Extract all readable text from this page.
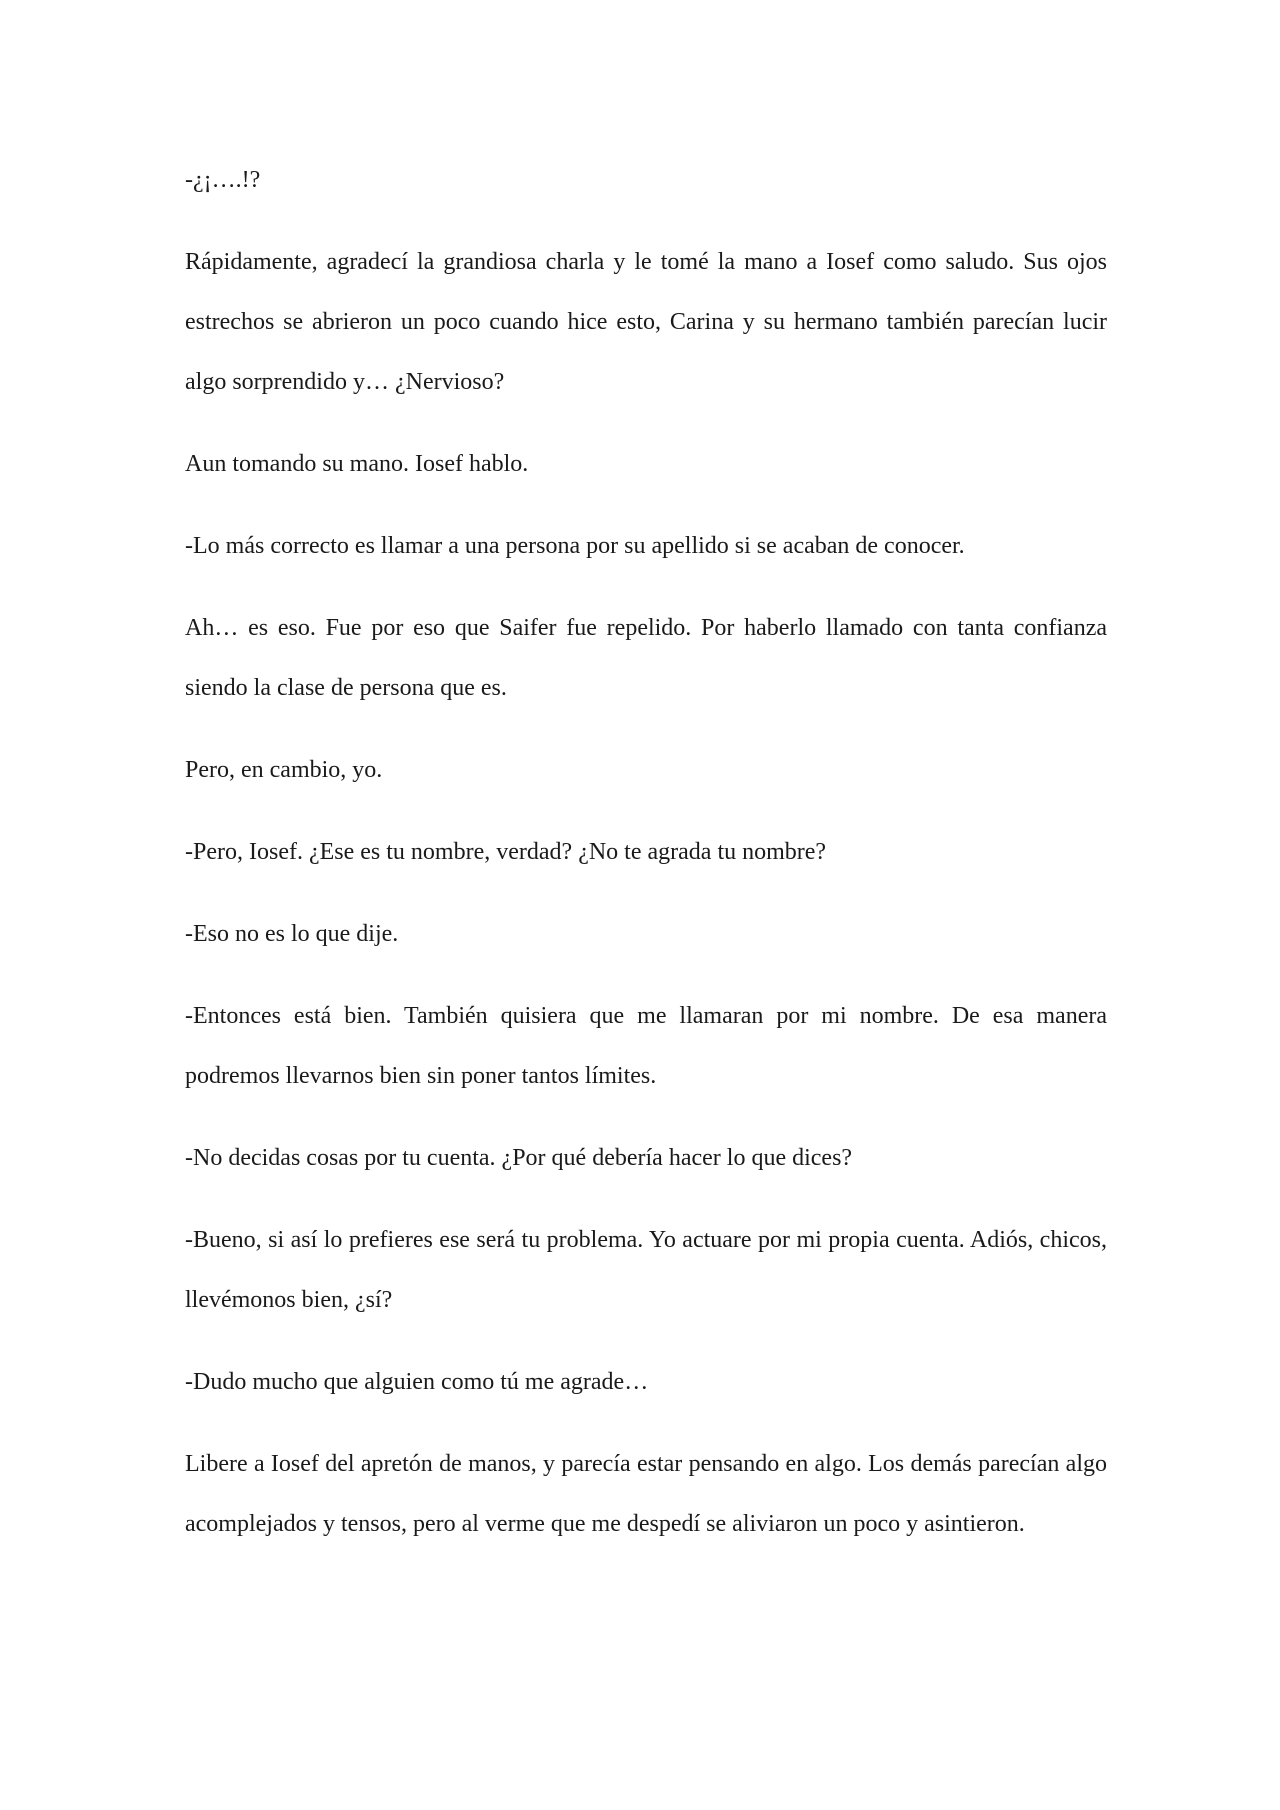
-¿¡….!?

Rápidamente, agradecí la grandiosa charla y le tomé la mano a Iosef como saludo. Sus ojos estrechos se abrieron un poco cuando hice esto, Carina y su hermano también parecían lucir algo sorprendido y… ¿Nervioso?

Aun tomando su mano. Iosef hablo.

-Lo más correcto es llamar a una persona por su apellido si se acaban de conocer.

Ah… es eso. Fue por eso que Saifer fue repelido. Por haberlo llamado con tanta confianza siendo la clase de persona que es.

Pero, en cambio, yo.

-Pero, Iosef. ¿Ese es tu nombre, verdad? ¿No te agrada tu nombre?

-Eso no es lo que dije.

-Entonces está bien. También quisiera que me llamaran por mi nombre. De esa manera podremos llevarnos bien sin poner tantos límites.

-No decidas cosas por tu cuenta. ¿Por qué debería hacer lo que dices?

-Bueno, si así lo prefieres ese será tu problema. Yo actuare por mi propia cuenta. Adiós, chicos, llevémonos bien, ¿sí?

-Dudo mucho que alguien como tú me agrade…

Libere a Iosef del apretón de manos, y parecía estar pensando en algo. Los demás parecían algo acomplejados y tensos, pero al verme que me despedí se aliviaron un poco y asintieron.
